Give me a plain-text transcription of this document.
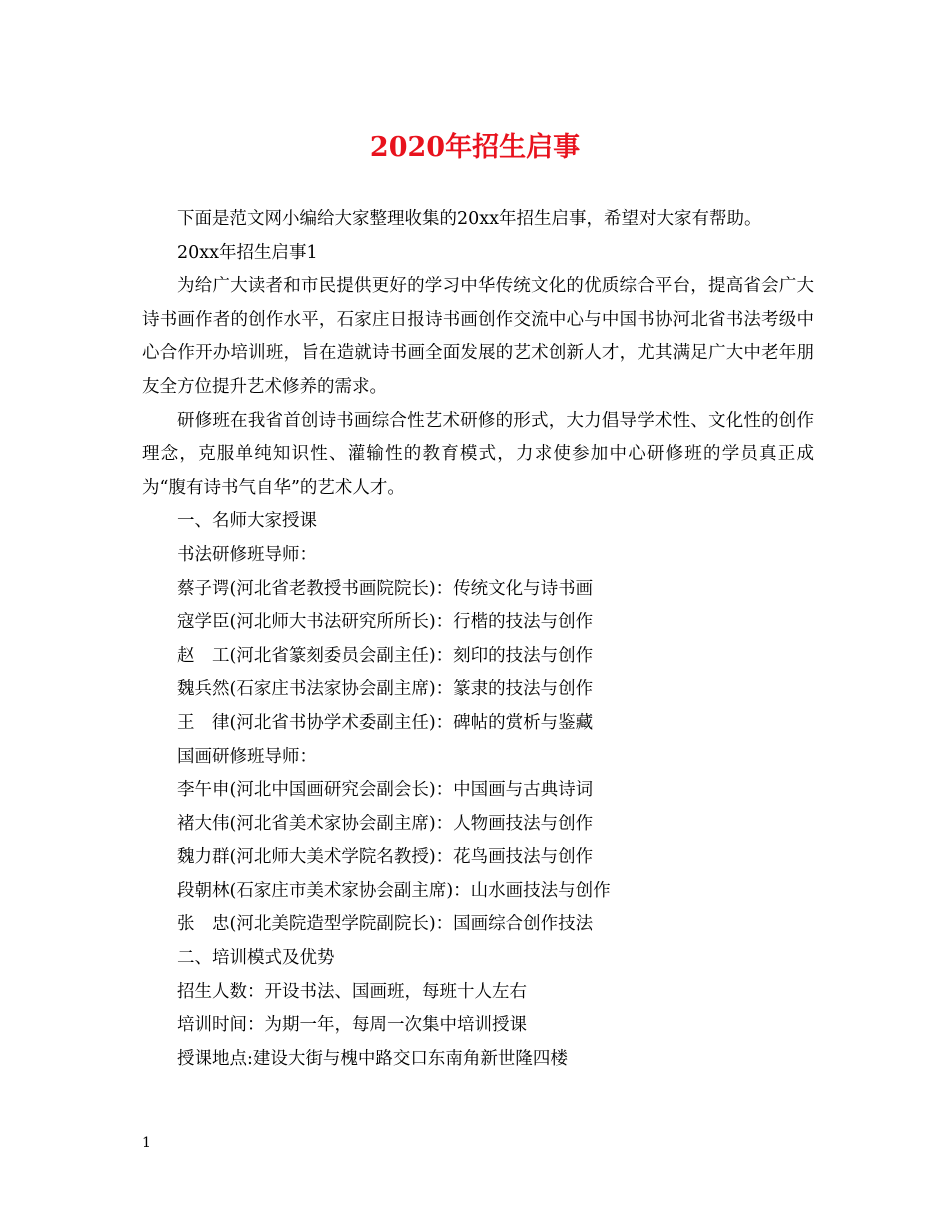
2020年招生启事

下面是范文网小编给大家整理收集的20xx年招生启事，希望对大家有帮助。

20xx年招生启事1

为给广大读者和市民提供更好的学习中华传统文化的优质综合平台，提高省会广大诗书画作者的创作水平，石家庄日报诗书画创作交流中心与中国书协河北省书法考级中心合作开办培训班，旨在造就诗书画全面发展的艺术创新人才，尤其满足广大中老年朋友全方位提升艺术修养的需求。

研修班在我省首创诗书画综合性艺术研修的形式，大力倡导学术性、文化性的创作理念，克服单纯知识性、灌输性的教育模式，力求使参加中心研修班的学员真正成为“腹有诗书气自华”的艺术人才。

一、名师大家授课

书法研修班导师：

蔡子谔(河北省老教授书画院院长)：传统文化与诗书画

寇学臣(河北师大书法研究所所长)：行楷的技法与创作

赵　工(河北省篆刻委员会副主任)：刻印的技法与创作

魏兵然(石家庄书法家协会副主席)：篆隶的技法与创作

王　律(河北省书协学术委副主任)：碑帖的赏析与鉴藏

国画研修班导师：

李午申(河北中国画研究会副会长)：中国画与古典诗词

褚大伟(河北省美术家协会副主席)：人物画技法与创作

魏力群(河北师大美术学院名教授)：花鸟画技法与创作

段朝林(石家庄市美术家协会副主席)：山水画技法与创作

张　忠(河北美院造型学院副院长)：国画综合创作技法

二、培训模式及优势

招生人数：开设书法、国画班，每班十人左右

培训时间：为期一年，每周一次集中培训授课

授课地点:建设大街与槐中路交口东南角新世隆四楼

1
